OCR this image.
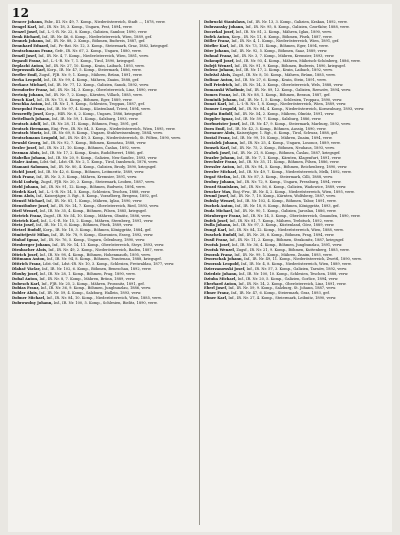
12

Dencer Johann, Fabr., III. Nr. 49, 7. Komp., Niederösterreich, Stadt ..., 1878, verw.

Dengel Karl, Inf., IR. Nr. 18, 3. Komp., Ungarn, Pest, 1894, verw.

Denzel Josef, Inf., L.-I.-R. Nr. 22, 8. Komp., Galizien, Sambor, 1890, verw.

Denk Richard, Inf., IR. Nr. 46, 6. Komp., Niederösterreich, Wien, 1889, gef.

Dennek Johann, Inf., IR. Nr. 88, 2. Komp., Böhmen, Budweis, 1887, gef.

Dennhard Eduard, Inf., Fr.-Bat. Nr. 12, 3. Komp., Steiermark, Graz, 1882, kriegsgef.

Dentschmann Franz, Gefr., IR. Nr. 67, 2. Komp., Ungarn, 1880, verw.

Denzil Josef, Inf., IR. Nr. 4, 7. Komp., Niederösterreich, Wien, 1881, verw.

Depauli Franz, Inf., L.-I.-R. Nr. 7, 1. Komp., Tirol, 1890, kriegsgef.

Deplachi Anton, Inf., IR. Nr. 27, 10. Komp., Krain, Laibach, 1893, verw.

Deprossnik Karl, Korp., IR. Nr. 47, 5. Komp., Steiermark, 1886, verw.

Derfler Emil, Zugsf., FJB. Nr. 9, 1. Komp., Mähren, Brünn, 1891, verw.

Derka Leopold, Inf., IR. Nr. 99, 4. Komp., Mähren, Znaim, 1888, gef.

Derkacz Michael, Inf., IR. Nr. 77, 12. Komp., Galizien, Sanok, 1892, verw.

Derndorfer Franz, Inf., IR. Nr. 14, 3. Komp., Oberösterreich, Linz, 1890, verw.

Dertnig Johann, Inf., IR. Nr. 7, 2. Komp., Kärnten, Villach, 1885, verw.

Desch Karl, Inf., IR. Nr. 73, 6. Komp., Böhmen, Eger, 1889, verw.

Deschka Anton, Inf., IR. Nr. 1, 9. Komp., Schlesien, Troppau, 1887, gef.

Desepolni Franz, Inf., IR. Nr. 97, 4. Komp., Küstenland, Triest, 1894, verw.

Dessewffy Josef, Korp., HIR. Nr. 6, 2. Komp., Ungarn, 1886, kriegsgef.

Dettelbach Johann, Inf., IR. Nr. 59, 1. Komp., Salzburg, 1893, verw.

Deutsch Adolf, Inf., IR. Nr. 28, 11. Komp., Böhmen, Prag, 1891, gef.

Deutsch Hermann, Einj.-Frw., IR. Nr. 84, 5. Komp., Niederösterreich, Wien, 1895, verw.

Deutsch Moriz, Inf., IR. Nr. 69, 8. Komp., Ungarn, Stuhlweissenburg, 1884, verw.

Deutschmann Leopold, Inf., IR. Nr. 49, 3. Komp., Niederösterreich, St. Pölten, 1890, verw.

Dewald Georg, Inf., IR. Nr. 92, 7. Komp., Böhmen, Komotau, 1888, verw.

Dexler Josef, Inf., IR. Nr. 21, 10. Komp., Böhmen, Časlau, 1892, verw.

Dezman Alois, Inf., IR. Nr. 17, 2. Komp., Krain, Rudolfswert, 1886, gef.

Diabelko Johann, Inf., IR. Nr. 20, 9. Komp., Galizien, Neu-Sandec, 1893, verw.

Dialer Anton, Ldst.-Inf., Ldst.-IR. Nr. 2, 1. Komp., Tirol, Innsbruck, 1876, verw.

Diamant Salomon, Inf., IR. Nr. 80, 4. Komp., Galizien, Brody, 1890, kriegsgef.

Dichtl Josef, Inf., IR. Nr. 42, 6. Komp., Böhmen, Leitmeritz, 1889, verw.

Dick Franz, Inf., IR. Nr. 3, 3. Komp., Mähren, Kremsier, 1891, verw.

Dickl Ludwig, Zugsf., FJB. Nr. 20, 2. Komp., Steiermark, Leoben, 1887, verw.

Diebl Johann, Inf., IR. Nr. 91, 12. Komp., Böhmen, Budweis, 1894, verw.

Diedek Karl, Inf., L.-I.-R. Nr. 14, 5. Komp., Schlesien, Teschen, 1888, verw.

Diem Alois, Inf., Kaiserjäger, 3. Rgt., 8. Komp., Vorarlberg, Bregenz, 1892, gef.

Dienstl Michael, Inf., IR. Nr. 81, 1. Komp., Mähren, Iglau, 1890, verw.

Diensthuber Josef, Inf., IR. Nr. 14, 7. Komp., Oberösterreich, Ried, 1893, verw.

Dietl Wenzel, Inf., IR. Nr. 35, 4. Komp., Böhmen, Pilsen, 1885, kriegsgef.

Dietrich Franz, Zugsf., IR. Nr. 54, 10. Komp., Mähren, Olmütz, 1886, verw.

Dietrich Karl, Inf., L.-I.-R. Nr. 15, 2. Komp., Mähren, Sternberg, 1891, verw.

Dietz Josef, Inf., IR. Nr. 11, 6. Komp., Böhmen, Písek, 1889, verw.

Dietzel Rudolf, Korp., IR. Nr. 18, 3. Komp., Böhmen, Königgrätz, 1884, gef.

Dimitrijević Milan, Inf., IR. Nr. 78, 9. Komp., Slawonien, Esseg, 1892, verw.

Dinhof Ignaz, Inf., IR. Nr. 76, 5. Komp., Ungarn, Ödenburg, 1890, verw.

Dirnberger Johann, Inf., IR. Nr. 14, 11. Komp., Oberösterreich, Steyr, 1893, verw.

Dirnbacher Alois, Inf., IR. Nr. 49, 2. Komp., Niederösterreich, Baden, 1887, verw.

Ditrich Josef, Inf., IR. Nr. 98, 4. Komp., Böhmen, Hohenmauth, 1895, verw.

Dittmann Anton, Inf., IR. Nr. 94, 8. Komp., Böhmen, Trautenau, 1888, kriegsgef.

Dittrich Franz, Ldst.-Inf., Ldst.-IR. Nr. 10, 3. Komp., Schlesien, Freiwaldau, 1877, verw.

Dlabač Václav, Inf., IR. Nr. 102, 6. Komp., Böhmen, Beneschau, 1892, verw.

Dlouhy Josef, Inf., IR. Nr. 28, 1. Komp., Böhmen, Prag, 1890, verw.

Dobal Anton, Inf., IR. Nr. 8, 7. Komp., Mähren, Brünn, 1889, verw.

Dobesch Karl, Inf., FJB. Nr. 25, 2. Komp., Mähren, Prossnitz, 1891, gef.

Dobias Franz, Inf., IR. Nr. 36, 9. Komp., Böhmen, Jungbunzlau, 1886, verw.

Dobler Alois, Inf., IR. Nr. 59, 4. Komp., Salzburg, Hallein, 1893, verw.

Dobner Michael, Inf., IR. Nr. 84, 10. Komp., Niederösterreich, Wien, 1885, verw.

Dobrowolny Johann, Inf., IR. Nr. 100, 5. Komp., Schlesien, Bielitz, 1890, verw.

Dobrucki Stanislaus, Inf., IR. Nr. 13, 3. Komp., Galizien, Krakau, 1892, verw.

Dobrzansky Johann, Inf., IR. Nr. 95, 8. Komp., Galizien, Czortków, 1888, verw.

Doczekal Josef, Inf., IR. Nr. 81, 2. Komp., Mähren, Iglau, 1890, verw.

Dofek Anton, Korp., IR. Nr. 11, 6. Komp., Böhmen, Písek, 1887, verw.

Döller Franz, Inf., IR. Nr. 4, 1. Komp., Niederösterreich, Wien, 1891, gef.

Dörfler Karl, Inf., IR. Nr. 73, 11. Komp., Böhmen, Eger, 1894, verw.

Dörr Johann, Inf., IR. Nr. 92, 5. Komp., Böhmen, Saaz, 1889, verw.

Dohnal Franz, Inf., IR. Nr. 3, 7. Komp., Mähren, Kremsier, 1893, verw.

Dokoupil Josef, Inf., IR. Nr. 93, 4. Komp., Mähren, Mährisch-Schönberg, 1886, verw.

Dolejš Wenzel, Inf., IR. Nr. 91, 9. Komp., Böhmen, Budweis, 1890, kriegsgef.

Dolenc Johann, Inf., IR. Nr. 17, 2. Komp., Krain, Laibach, 1892, verw.

Doležal Alois, Zugsf., IR. Nr. 8, 10. Komp., Mähren, Brünn, 1885, verw.

Dolinar Anton, Inf., IR. Nr. 27, 6. Komp., Krain, Stein, 1891, verw.

Doll Friedrich, Inf., IR. Nr. 14, 3. Komp., Oberösterreich, Wels, 1888, verw.

Domanski Wladimir, Inf., IR. Nr. 89, 12. Komp., Galizien, Rzeszów, 1894, verw.

Domes Franz, Inf., IR. Nr. 88, 1. Komp., Böhmen, Beraun, 1887, gef.

Dominik Johann, Inf., IR. Nr. 1, 5. Komp., Schlesien, Troppau, 1890, verw.

Donat Karl, Inf., L.-I.-R. Nr. 1, 8. Komp., Niederösterreich, Wien, 1889, verw.

Donner Leopold, Inf., IR. Nr. 84, 4. Komp., Niederösterreich, Korneuburg, 1893, verw.

Dopita Rudolf, Inf., IR. Nr. 54, 2. Komp., Mähren, Olmütz, 1891, verw.

Doppler Ignaz, Inf., IR. Nr. 59, 7. Komp., Salzburg, 1886, verw.

Dorfmeister Josef, Inf., IR. Nr. 47, 9. Komp., Steiermark, Marburg, 1892, verw.

Dorn Emil, Inf., IR. Nr. 42, 3. Komp., Böhmen, Aussig, 1890, verw.

Dornauer Alois, Kaiserjäger, 1. Rgt., 6. Komp., Tirol, Schwaz, 1888, gef.

Dostal Franz, Inf., IR. Nr. 99, 10. Komp., Mähren, Znaim, 1894, verw.

Dostalek Johann, Inf., IR. Nr. 25, 4. Komp., Ungarn, Losoncz, 1889, verw.

Dousek Karl, Inf., IR. Nr. 75, 2. Komp., Böhmen, Neuhaus, 1893, verw.

Drabek Josef, Inf., IR. Nr. 21, 8. Komp., Böhmen, Časlau, 1887, kriegsgef.

Draxler Johann, Inf., IR. Nr. 7, 1. Komp., Kärnten, Klagenfurt, 1891, verw.

Drechsler Franz, Inf., IR. Nr. 35, 11. Komp., Böhmen, Pilsen, 1886, verw.

Dressler Anton, Inf., IR. Nr. 94, 5. Komp., Böhmen, Reichenberg, 1890, verw.

Drexler Michael, Inf., IR. Nr. 49, 7. Komp., Niederösterreich, Melk, 1892, verw.

Drgač Stefan, Inf., IR. Nr. 87, 3. Komp., Steiermark, Cilli, 1888, verw.

Drobny Johann, Inf., IR. Nr. 72, 9. Komp., Ungarn, Pressburg, 1894, verw.

Drozd Stanislaus, Inf., IR. Nr. 56, 6. Komp., Galizien, Wadowice, 1889, verw.

Drucker Max, Einj.-Frw., IR. Nr. 4, 2. Komp., Niederösterreich, Wien, 1895, verw.

Druml Josef, Inf., IR. Nr. 7, 10. Komp., Kärnten, Wolfsberg, 1887, verw.

Dubsky Wenzel, Inf., IR. Nr. 102, 4. Komp., Böhmen, Tabor, 1891, verw.

Duchek Anton, Inf., IR. Nr. 18, 8. Komp., Böhmen, Königgrätz, 1893, gef.

Duda Michael, Inf., IR. Nr. 90, 1. Komp., Galizien, Jaroslau, 1886, verw.

Dürnberger Franz, Inf., IR. Nr. 14, 5. Komp., Oberösterreich, Gmunden, 1890, verw.

Dufek Josef, Inf., IR. Nr. 81, 7. Komp., Mähren, Trebitsch, 1892, verw.

Dulla Johann, Inf., IR. Nr. 97, 3. Komp., Küstenland, Görz, 1889, verw.

Dungl Karl, Inf., IR. Nr. 84, 12. Komp., Niederösterreich, Wien, 1888, verw.

Duschek Rudolf, Inf., IR. Nr. 28, 6. Komp., Böhmen, Prag, 1894, verw.

Dusil Franz, Inf., IR. Nr. 11, 2. Komp., Böhmen, Strakonitz, 1887, kriegsgef.

Dvořak Josef, Inf., IR. Nr. 36, 4. Komp., Böhmen, Jungbunzlau, 1891, verw.

Dvořak Wenzel, Zugsf., IR. Nr. 21, 9. Komp., Böhmen, Kuttenberg, 1885, verw.

Dworak Franz, Inf., IR. Nr. 99, 1. Komp., Mähren, Znaim, 1893, verw.

Dworschak Johann, Inf., IR. Nr. 49, 11. Komp., Niederösterreich, Zwettl, 1890, verw.

Dworzak Leopold, Inf., IR. Nr. 4, 8. Komp., Niederösterreich, Wien, 1889, verw.

Dzierzanowski Josef, Inf., IR. Nr. 57, 3. Komp., Galizien, Tarnów, 1892, verw.

Dziedzic Johann, Inf., IR. Nr. 100, 10. Komp., Schlesien, Teschen, 1888, verw.

Dziuba Michael, Inf., IR. Nr. 20, 5. Komp., Galizien, Gorlice, 1894, verw.

Eberhard Anton, Inf., IR. Nr. 14, 2. Komp., Oberösterreich, Linz, 1891, verw.

Eberl Josef, Inf., IR. Nr. 59, 9. Komp., Salzburg, St. Johann, 1887, verw.

Ebner Franz, Inf., IR. Nr. 47, 6. Komp., Steiermark, Graz, 1893, gef.

Ebner Karl, Inf., IR. Nr. 27, 4. Komp., Steiermark, Leibnitz, 1890, verw.
